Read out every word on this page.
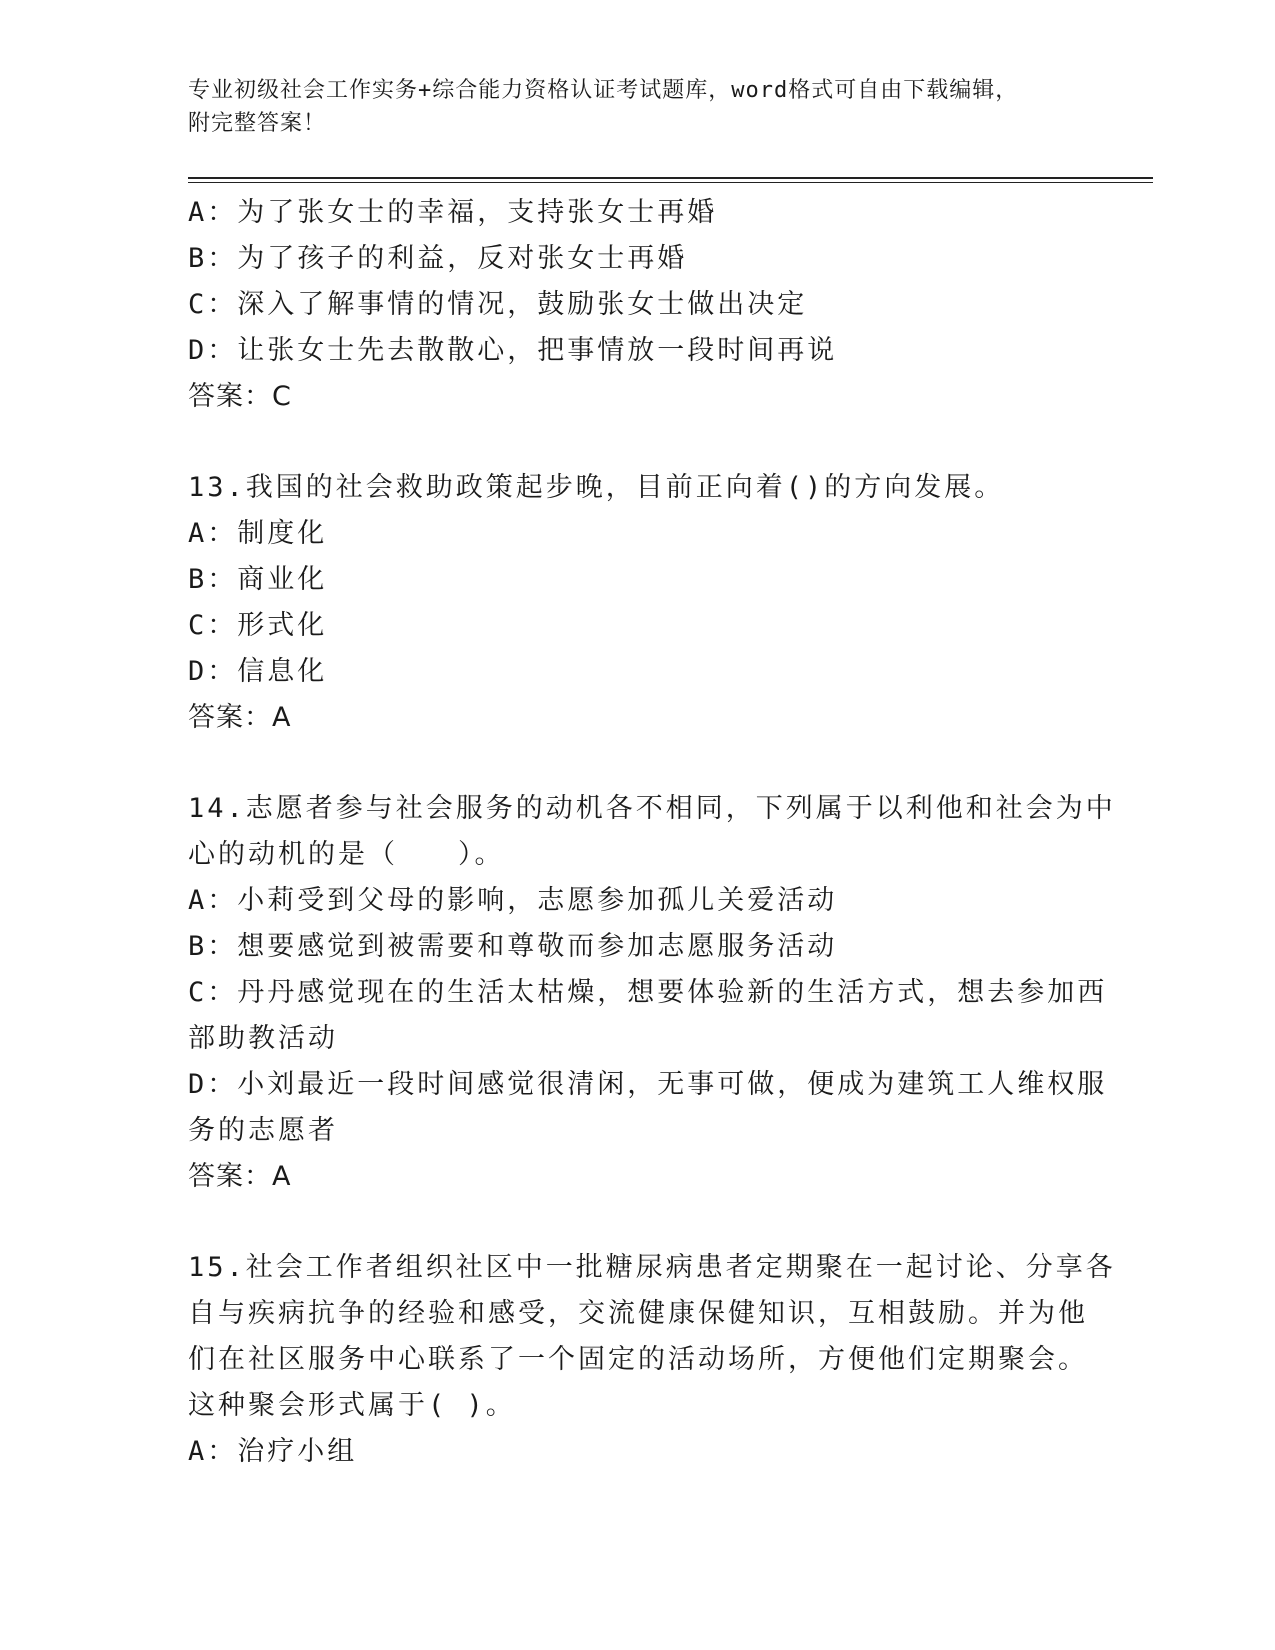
专业初级社会工作实务+综合能力资格认证考试题库，word格式可自由下载编辑，
附完整答案！
A：为了张女士的幸福，支持张女士再婚
B：为了孩子的利益，反对张女士再婚
C：深入了解事情的情况，鼓励张女士做出决定
D：让张女士先去散散心，把事情放一段时间再说
答案：C
13.我国的社会救助政策起步晚，目前正向着()的方向发展。
A：制度化
B：商业化
C：形式化
D：信息化
答案：A
14.志愿者参与社会服务的动机各不相同，下列属于以利他和社会为中
心的动机的是（　　）。
A：小莉受到父母的影响，志愿参加孤儿关爱活动
B：想要感觉到被需要和尊敬而参加志愿服务活动
C：丹丹感觉现在的生活太枯燥，想要体验新的生活方式，想去参加西
部助教活动
D：小刘最近一段时间感觉很清闲，无事可做，便成为建筑工人维权服
务的志愿者
答案：A
15.社会工作者组织社区中一批糖尿病患者定期聚在一起讨论、分享各
自与疾病抗争的经验和感受，交流健康保健知识，互相鼓励。并为他
们在社区服务中心联系了一个固定的活动场所，方便他们定期聚会。
这种聚会形式属于( )。
A：治疗小组
